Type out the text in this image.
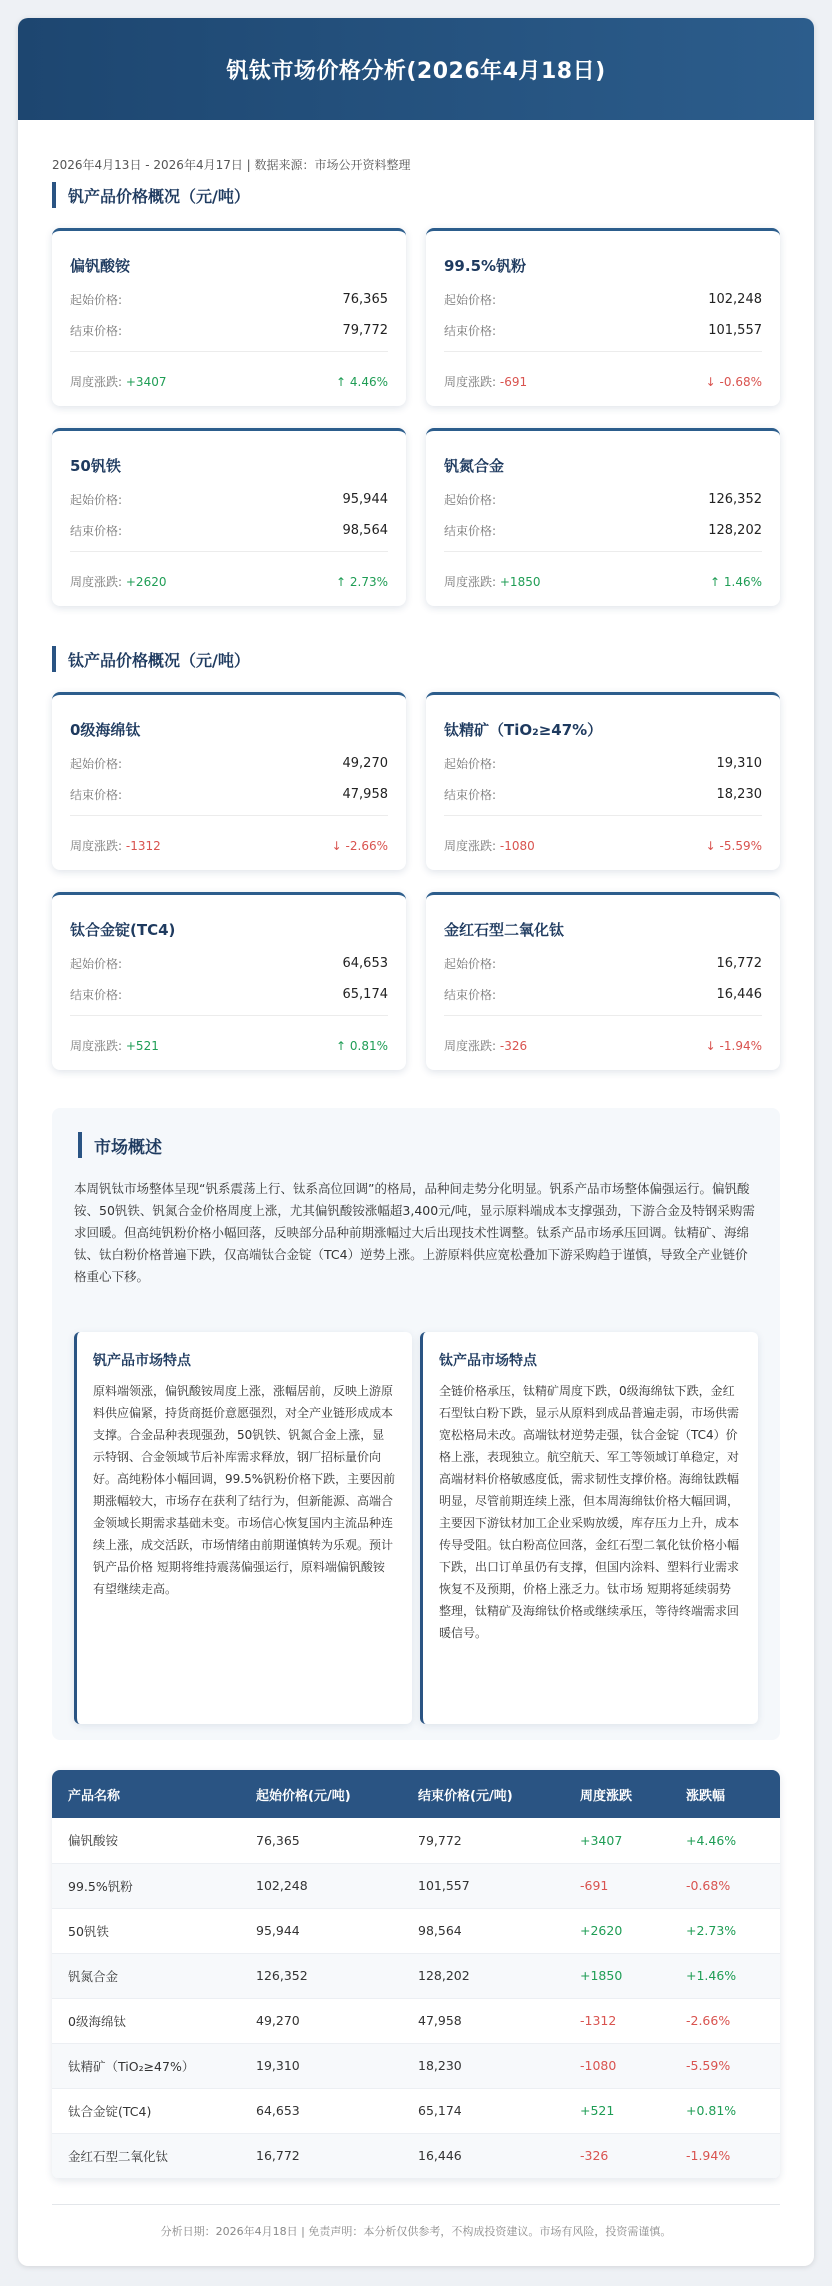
钒钛市场价格分析(2026年4月18日)
2026年4月13日 - 2026年4月17日 | 数据来源：市场公开资料整理
钒产品价格概况（元/吨）
偏钒酸铵
起始价格:	76,365
结束价格:	79,772
周度涨跌: +3407	↑ 4.46%
99.5%钒粉
起始价格:	102,248
结束价格:	101,557
周度涨跌: -691	↓ -0.68%
50钒铁
起始价格:	95,944
结束价格:	98,564
周度涨跌: +2620	↑ 2.73%
钒氮合金
起始价格:	126,352
结束价格:	128,202
周度涨跌: +1850	↑ 1.46%
钛产品价格概况（元/吨）
0级海绵钛
起始价格:	49,270
结束价格:	47,958
周度涨跌: -1312	↓ -2.66%
钛精矿（TiO₂≥47%）
起始价格:	19,310
结束价格:	18,230
周度涨跌: -1080	↓ -5.59%
钛合金锭(TC4)
起始价格:	64,653
结束价格:	65,174
周度涨跌: +521	↑ 0.81%
金红石型二氧化钛
起始价格:	16,772
结束价格:	16,446
周度涨跌: -326	↓ -1.94%
市场概述
本周钒钛市场整体呈现“钒系震荡上行、钛系高位回调”的格局，品种间走势分化明显。钒系产品市场整体偏强运行。偏钒酸铵、50钒铁、钒氮合金价格周度上涨，尤其偏钒酸铵涨幅超3,400元/吨，显示原料端成本支撑强劲，下游合金及特钢采购需求回暖。但高纯钒粉价格小幅回落，反映部分品种前期涨幅过大后出现技术性调整。钛系产品市场承压回调。钛精矿、海绵钛、钛白粉价格普遍下跌，仅高端钛合金锭（TC4）逆势上涨。上游原料供应宽松叠加下游采购趋于谨慎，导致全产业链价格重心下移。
钒产品市场特点

原料端领涨，偏钒酸铵周度上涨，涨幅居前，反映上游原料供应偏紧，持货商挺价意愿强烈，对全产业链形成成本支撑。合金品种表现强劲，50钒铁、钒氮合金上涨，显示特钢、合金领域节后补库需求释放，钢厂招标量价向好。高纯粉体小幅回调，99.5%钒粉价格下跌，主要因前期涨幅较大，市场存在获利了结行为，但新能源、高端合金领域长期需求基础未变。市场信心恢复国内主流品种连续上涨，成交活跃，市场情绪由前期谨慎转为乐观。预计钒产品价格 短期将维持震荡偏强运行，原料端偏钒酸铵有望继续走高。

钛产品市场特点

全链价格承压，钛精矿周度下跌，0级海绵钛下跌，金红石型钛白粉下跌，显示从原料到成品普遍走弱，市场供需宽松格局未改。高端钛材逆势走强，钛合金锭（TC4）价格上涨，表现独立。航空航天、军工等领域订单稳定，对高端材料价格敏感度低，需求韧性支撑价格。海绵钛跌幅明显，尽管前期连续上涨，但本周海绵钛价格大幅回调，主要因下游钛材加工企业采购放缓，库存压力上升，成本传导受阻。钛白粉高位回落，金红石型二氧化钛价格小幅下跌，出口订单虽仍有支撑，但国内涂料、塑料行业需求恢复不及预期，价格上涨乏力。钛市场 短期将延续弱势整理，钛精矿及海绵钛价格或继续承压，等待终端需求回暖信号。

产品名称	起始价格(元/吨)	结束价格(元/吨)	周度涨跌	涨跌幅
偏钒酸铵	76,365	79,772	+3407	+4.46%
99.5%钒粉	102,248	101,557	-691	-0.68%
50钒铁	95,944	98,564	+2620	+2.73%
钒氮合金	126,352	128,202	+1850	+1.46%
0级海绵钛	49,270	47,958	-1312	-2.66%
钛精矿（TiO₂≥47%）	19,310	18,230	-1080	-5.59%
钛合金锭(TC4)	64,653	65,174	+521	+0.81%
金红石型二氧化钛	16,772	16,446	-326	-1.94%
分析日期：2026年4月18日 | 免责声明：本分析仅供参考，不构成投资建议。市场有风险，投资需谨慎。
